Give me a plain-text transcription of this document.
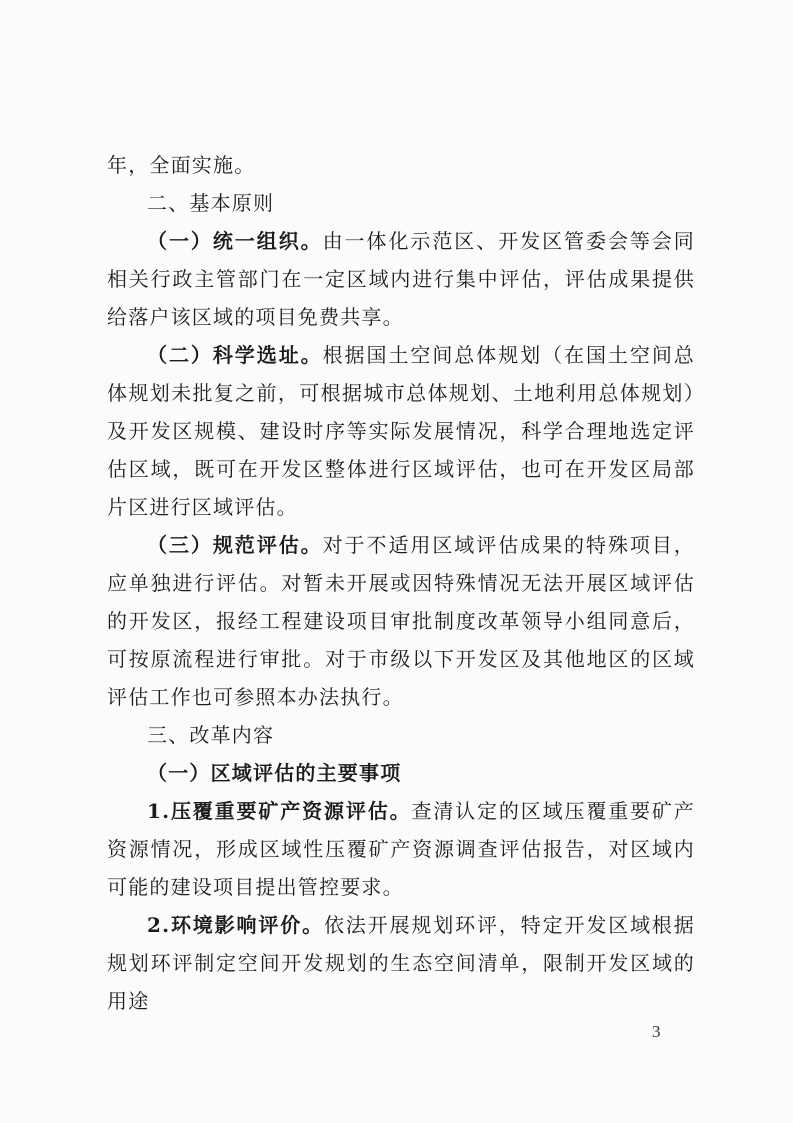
年，全面实施。

二、基本原则

（一）统一组织。由一体化示范区、开发区管委会等会同相关行政主管部门在一定区域内进行集中评估，评估成果提供给落户该区域的项目免费共享。

（二）科学选址。根据国土空间总体规划（在国土空间总体规划未批复之前，可根据城市总体规划、土地利用总体规划）及开发区规模、建设时序等实际发展情况，科学合理地选定评估区域，既可在开发区整体进行区域评估，也可在开发区局部片区进行区域评估。

（三）规范评估。对于不适用区域评估成果的特殊项目，应单独进行评估。对暂未开展或因特殊情况无法开展区域评估的开发区，报经工程建设项目审批制度改革领导小组同意后，可按原流程进行审批。对于市级以下开发区及其他地区的区域评估工作也可参照本办法执行。

三、改革内容

（一）区域评估的主要事项

1.压覆重要矿产资源评估。查清认定的区域压覆重要矿产资源情况，形成区域性压覆矿产资源调查评估报告，对区域内可能的建设项目提出管控要求。

2.环境影响评价。依法开展规划环评，特定开发区域根据规划环评制定空间开发规划的生态空间清单，限制开发区域的用途

3
